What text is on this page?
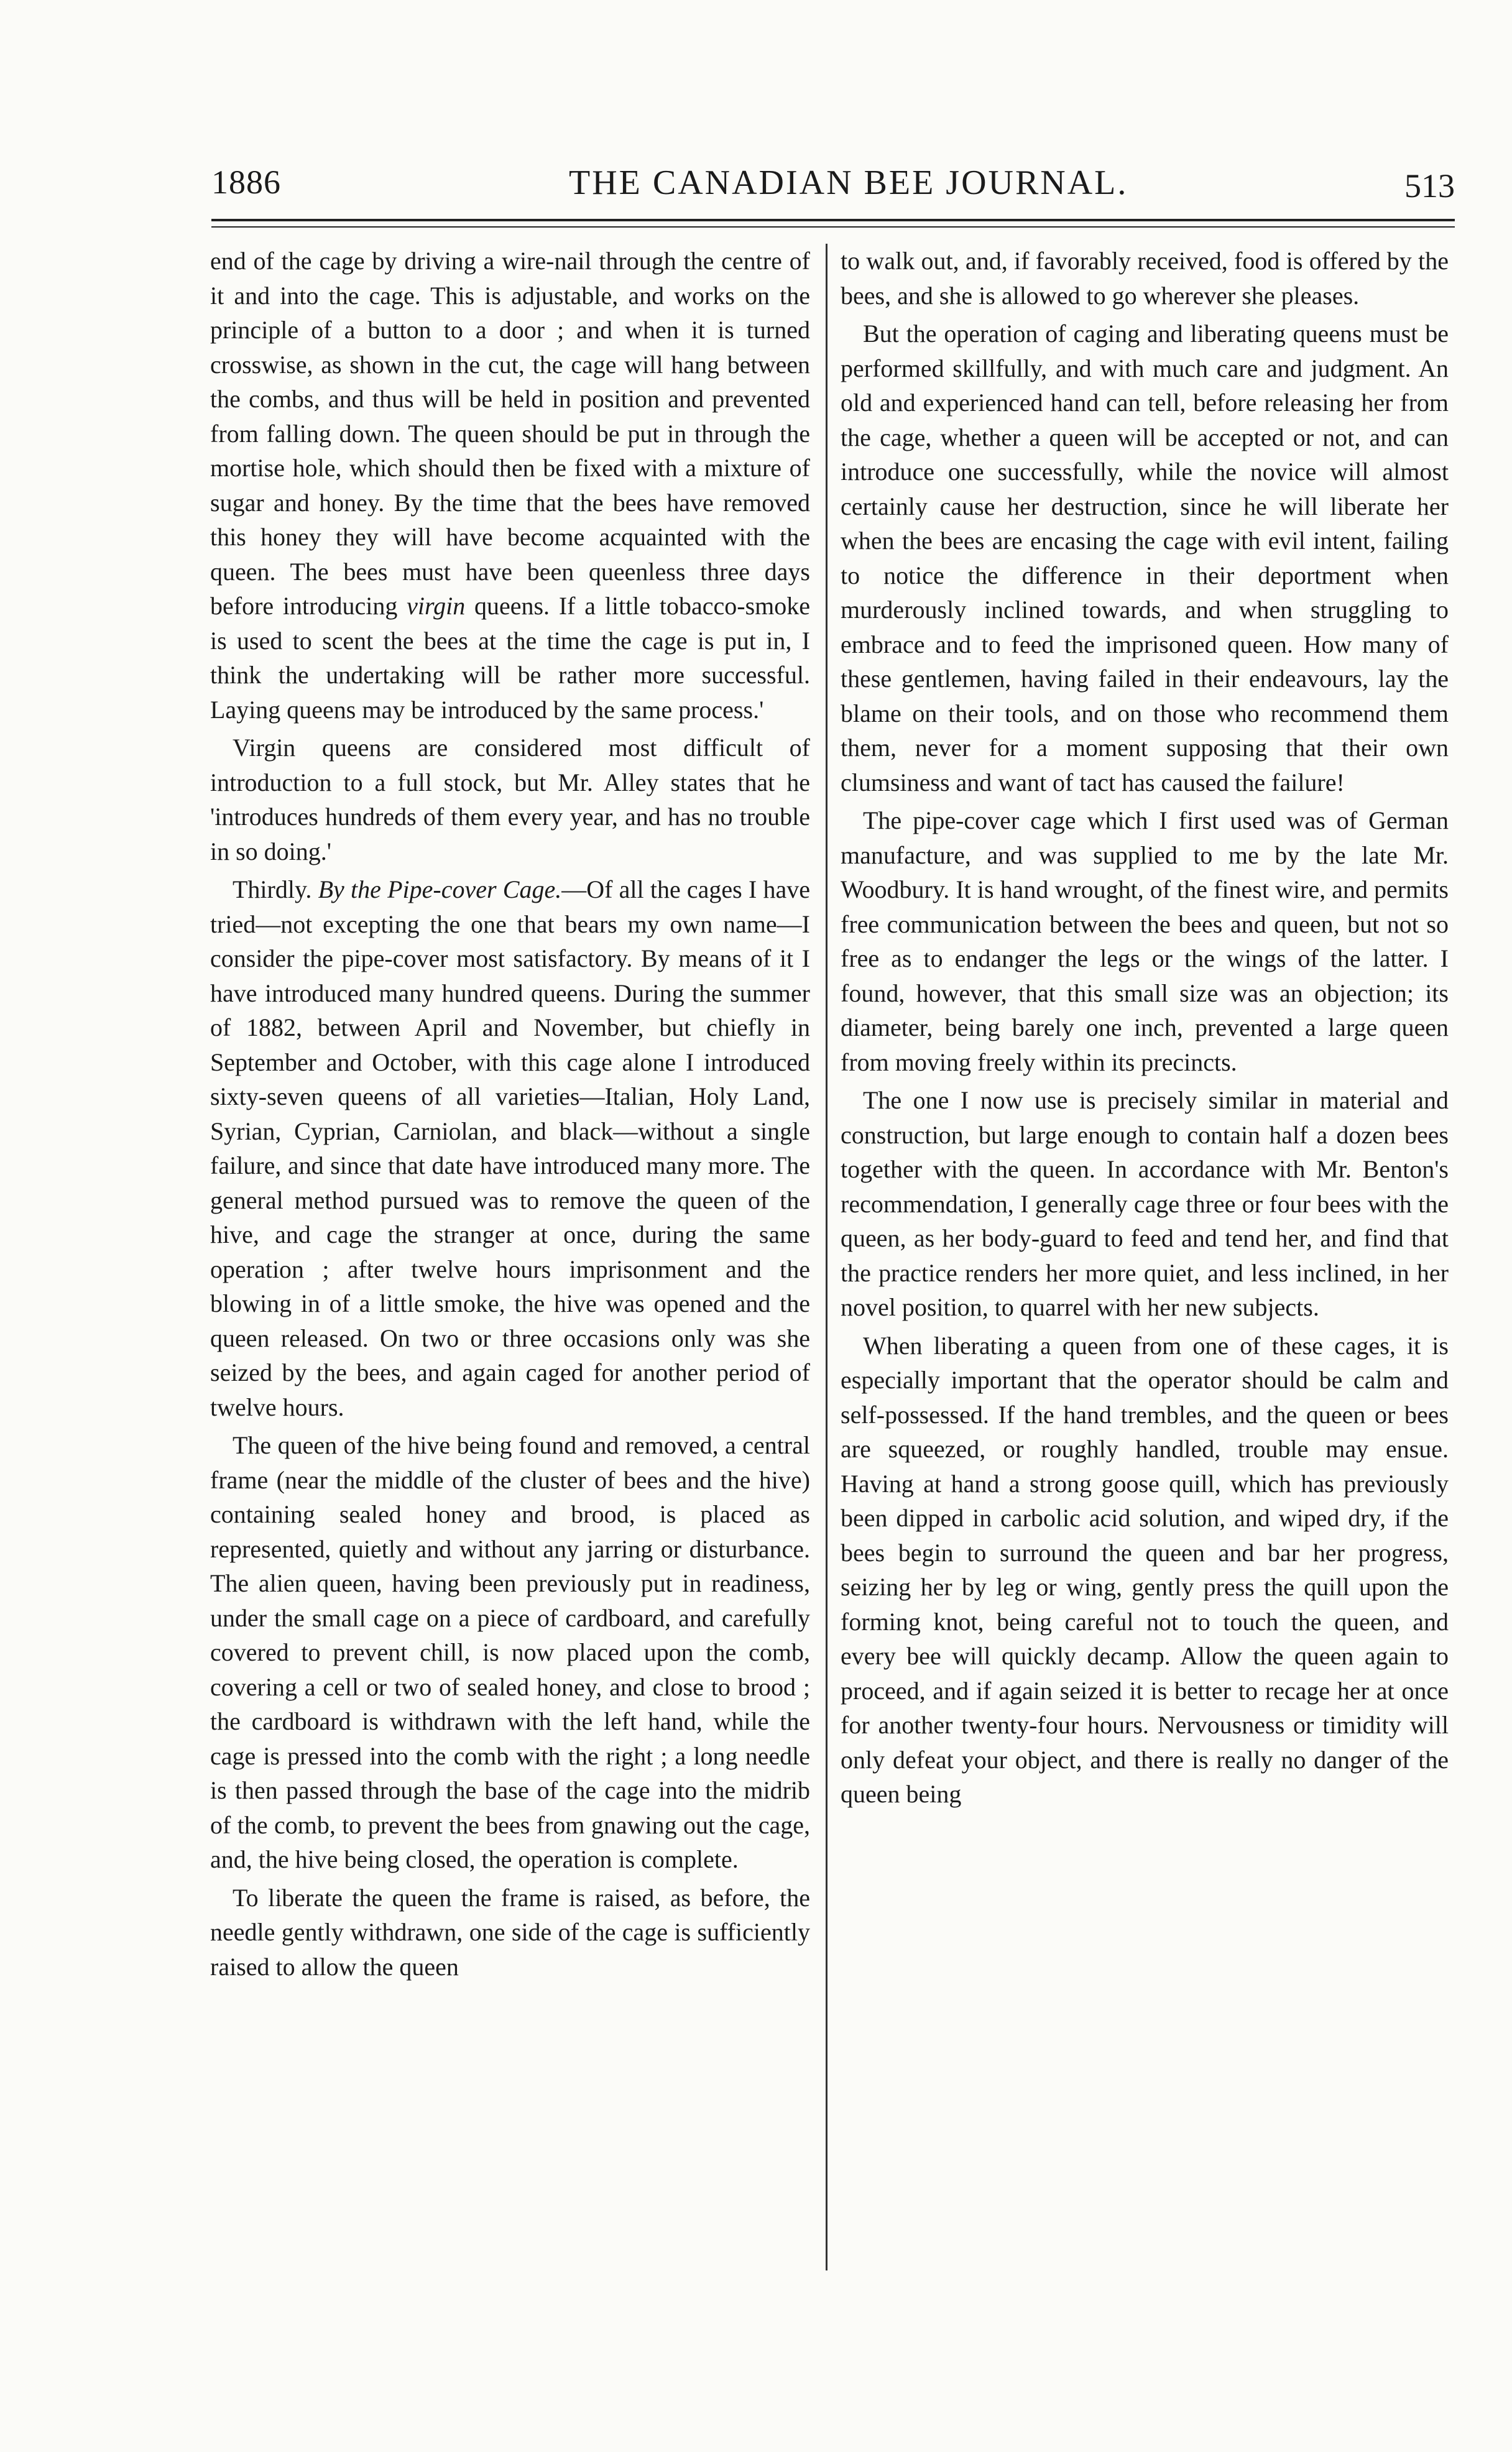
1886	THE CANADIAN BEE JOURNAL.	513

end of the cage by driving a wire-nail through the centre of it and into the cage. This is adjustable, and works on the principle of a button to a door ; and when it is turned crosswise, as shown in the cut, the cage will hang between the combs, and thus will be held in position and prevented from falling down. The queen should be put in through the mortise hole, which should then be fixed with a mixture of sugar and honey. By the time that the bees have removed this honey they will have become acquainted with the queen. The bees must have been queenless three days before introducing virgin queens. If a little tobacco-smoke is used to scent the bees at the time the cage is put in, I think the undertaking will be rather more successful. Laying queens may be introduced by the same process.'

Virgin queens are considered most difficult of introduction to a full stock, but Mr. Alley states that he 'introduces hundreds of them every year, and has no trouble in so doing.'

Thirdly. By the Pipe-cover Cage.—Of all the cages I have tried—not excepting the one that bears my own name—I consider the pipe-cover most satisfactory. By means of it I have introduced many hundred queens. During the summer of 1882, between April and November, but chiefly in September and October, with this cage alone I introduced sixty-seven queens of all varieties—Italian, Holy Land, Syrian, Cyprian, Carniolan, and black—without a single failure, and since that date have introduced many more. The general method pursued was to remove the queen of the hive, and cage the stranger at once, during the same operation ; after twelve hours imprisonment and the blowing in of a little smoke, the hive was opened and the queen released. On two or three occasions only was she seized by the bees, and again caged for another period of twelve hours.

The queen of the hive being found and removed, a central frame (near the middle of the cluster of bees and the hive) containing sealed honey and brood, is placed as represented, quietly and without any jarring or disturbance. The alien queen, having been previously put in readiness, under the small cage on a piece of cardboard, and carefully covered to prevent chill, is now placed upon the comb, covering a cell or two of sealed honey, and close to brood ; the cardboard is withdrawn with the left hand, while the cage is pressed into the comb with the right ; a long needle is then passed through the base of the cage into the midrib of the comb, to prevent the bees from gnawing out the cage, and, the hive being closed, the operation is complete.

To liberate the queen the frame is raised, as before, the needle gently withdrawn, one side of the cage is sufficiently raised to allow the queen

to walk out, and, if favorably received, food is offered by the bees, and she is allowed to go wherever she pleases.

But the operation of caging and liberating queens must be performed skillfully, and with much care and judgment. An old and experienced hand can tell, before releasing her from the cage, whether a queen will be accepted or not, and can introduce one successfully, while the novice will almost certainly cause her destruction, since he will liberate her when the bees are encasing the cage with evil intent, failing to notice the difference in their deportment when murderously inclined towards, and when struggling to embrace and to feed the imprisoned queen. How many of these gentlemen, having failed in their endeavours, lay the blame on their tools, and on those who recommend them them, never for a moment supposing that their own clumsiness and want of tact has caused the failure!

The pipe-cover cage which I first used was of German manufacture, and was supplied to me by the late Mr. Woodbury. It is hand wrought, of the finest wire, and permits free communication between the bees and queen, but not so free as to endanger the legs or the wings of the latter. I found, however, that this small size was an objection; its diameter, being barely one inch, prevented a large queen from moving freely within its precincts.

The one I now use is precisely similar in material and construction, but large enough to contain half a dozen bees together with the queen. In accordance with Mr. Benton's recommendation, I generally cage three or four bees with the queen, as her body-guard to feed and tend her, and find that the practice renders her more quiet, and less inclined, in her novel position, to quarrel with her new subjects.

When liberating a queen from one of these cages, it is especially important that the operator should be calm and self-possessed. If the hand trembles, and the queen or bees are squeezed, or roughly handled, trouble may ensue. Having at hand a strong goose quill, which has previously been dipped in carbolic acid solution, and wiped dry, if the bees begin to surround the queen and bar her progress, seizing her by leg or wing, gently press the quill upon the forming knot, being careful not to touch the queen, and every bee will quickly decamp. Allow the queen again to proceed, and if again seized it is better to recage her at once for another twenty-four hours. Nervousness or timidity will only defeat your object, and there is really no danger of the queen being
